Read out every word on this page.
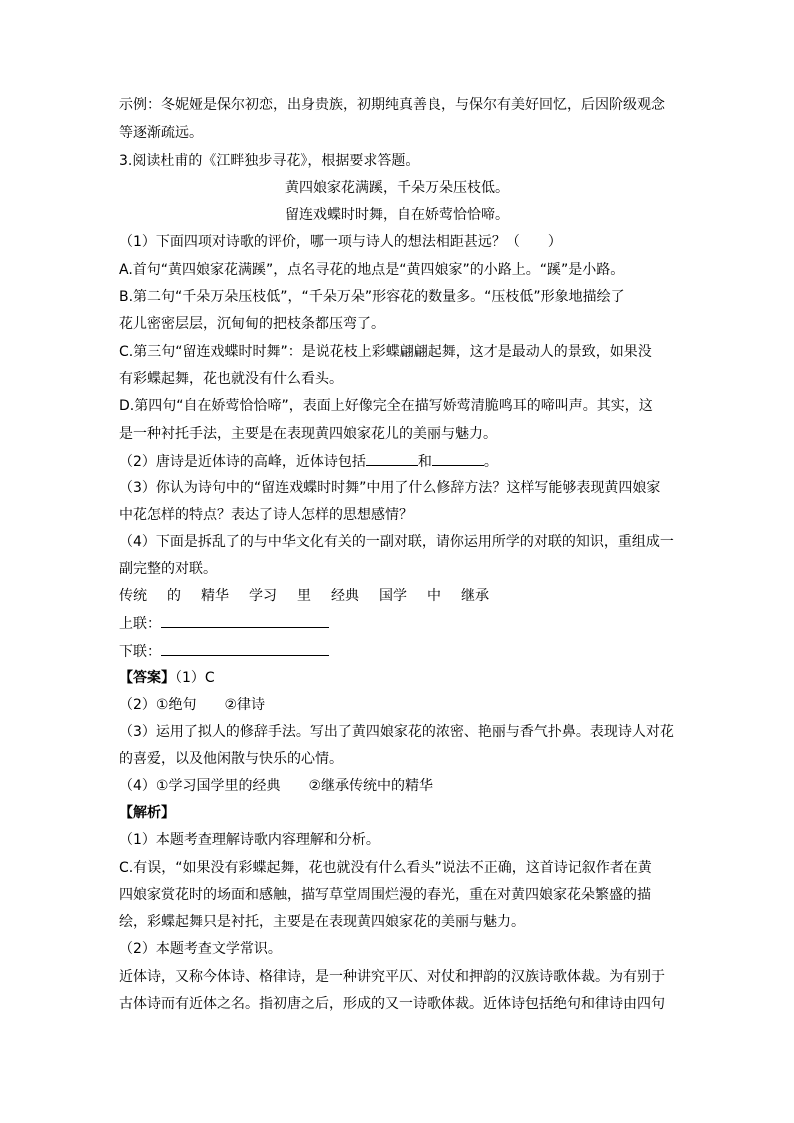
示例：冬妮娅是保尔初恋，出身贵族，初期纯真善良，与保尔有美好回忆，后因阶级观念
等逐渐疏远。
3.阅读杜甫的《江畔独步寻花》，根据要求答题。
黄四娘家花满蹊，千朵万朵压枝低。
留连戏蝶时时舞，自在娇莺恰恰啼。
（1）下面四项对诗歌的评价，哪一项与诗人的想法相距甚远？（　　）
A.首句“黄四娘家花满蹊”，点名寻花的地点是“黄四娘家”的小路上。“蹊”是小路。
B.第二句“千朵万朵压枝低”，“千朵万朵”形容花的数量多。“压枝低”形象地描绘了
花儿密密层层，沉甸甸的把枝条都压弯了。
C.第三句“留连戏蝶时时舞”：是说花枝上彩蝶翩翩起舞，这才是最动人的景致，如果没
有彩蝶起舞，花也就没有什么看头。
D.第四句“自在娇莺恰恰啼”，表面上好像完全在描写娇莺清脆鸣耳的啼叫声。其实，这
是一种衬托手法，主要是在表现黄四娘家花儿的美丽与魅力。
（2）唐诗是近体诗的高峰，近体诗包括	和	。
（3）你认为诗句中的“留连戏蝶时时舞”中用了什么修辞方法？这样写能够表现黄四娘家
中花怎样的特点？表达了诗人怎样的思想感情？
（4）下面是拆乱了的与中华文化有关的一副对联，请你运用所学的对联的知识，重组成一
副完整的对联。
传统 的 精华 学习 里 经典 国学 中 继承
上联：
下联：
【答案】（1）C
（2）①绝句 ②律诗
（3）运用了拟人的修辞手法。写出了黄四娘家花的浓密、艳丽与香气扑鼻。表现诗人对花
的喜爱，以及他闲散与快乐的心情。
（4）①学习国学里的经典 ②继承传统中的精华
【解析】
（1）本题考查理解诗歌内容理解和分析。
C.有误，“如果没有彩蝶起舞，花也就没有什么看头”说法不正确，这首诗记叙作者在黄
四娘家赏花时的场面和感触，描写草堂周围烂漫的春光，重在对黄四娘家花朵繁盛的描
绘，彩蝶起舞只是衬托，主要是在表现黄四娘家花的美丽与魅力。
（2）本题考查文学常识。
近体诗，又称今体诗、格律诗，是一种讲究平仄、对仗和押韵的汉族诗歌体裁。为有别于
古体诗而有近体之名。指初唐之后，形成的又一诗歌体裁。近体诗包括绝句和律诗由四句
